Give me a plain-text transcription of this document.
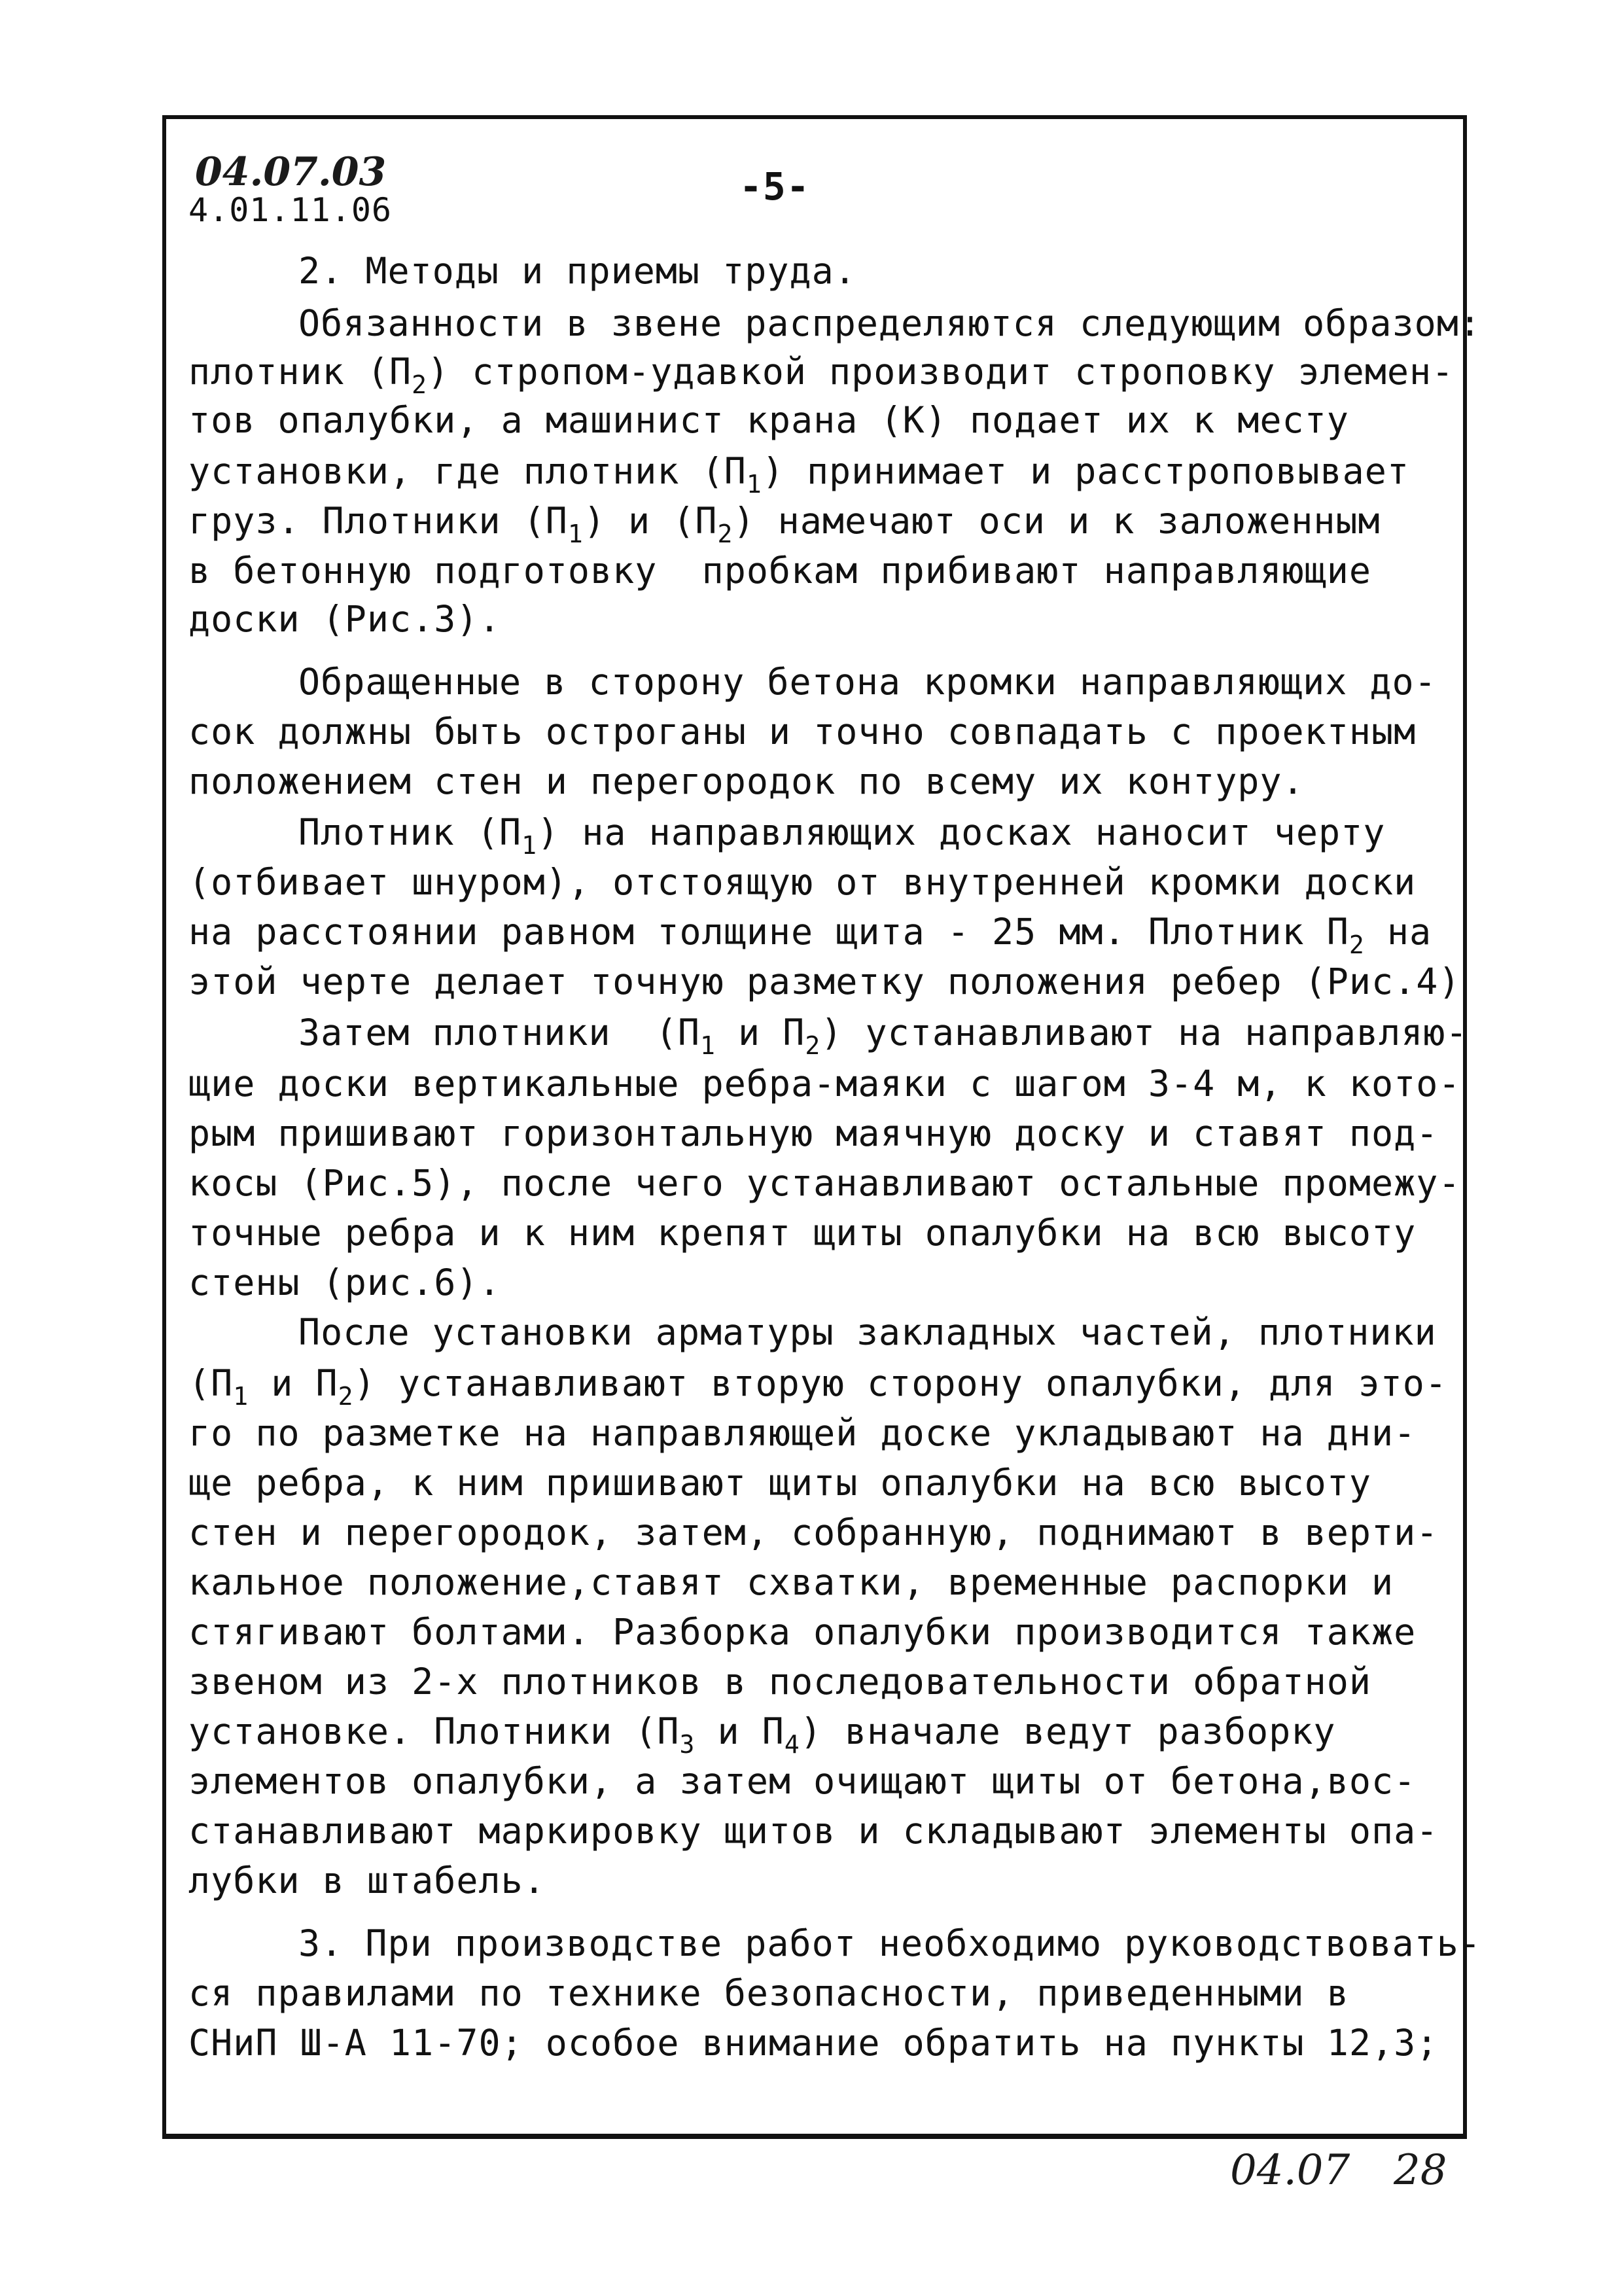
04.07.03
4.01.11.06
-5-
2. Методы и приемы труда.
Обязанности в звене распределяются следующим образом:
плотник $(П_2)$ стропом-удавкой производит строповку элемен-
тов опалубки, а машинист крана (К) подает их к месту
установки, где плотник $(П_1)$ принимает и расстроповывает
груз. Плотники $(П_1)$ и $(П_2)$ намечают оси и к заложенным
в бетонную подготовку  пробкам прибивают направляющие
доски (Рис.3).
Обращенные в сторону бетона кромки направляющих до-
сок должны быть остроганы и точно совпадать с проектным
положением стен и перегородок по всему их контуру.
Плотник $(П_1)$ на направляющих досках наносит черту
(отбивает шнуром), отстоящую от внутренней кромки доски
на расстоянии равном толщине щита - 25 мм. Плотник $П_2$ на
этой черте делает точную разметку положения ребер (Рис.4)
Затем плотники  ($П_1$ и $П_2$) устанавливают на направляю-
щие доски вертикальные ребра-маяки с шагом 3-4 м, к кото-
рым пришивают горизонтальную маячную доску и ставят под-
косы (Рис.5), после чего устанавливают остальные промежу-
точные ребра и к ним крепят щиты опалубки на всю высоту
стены (рис.6).
После установки арматуры закладных частей, плотники
($П_1$ и $П_2$) устанавливают вторую сторону опалубки, для это-
го по разметке на направляющей доске укладывают на дни-
ще ребра, к ним пришивают щиты опалубки на всю высоту
стен и перегородок, затем, собранную, поднимают в верти-
кальное положение,ставят схватки, временные распорки и
стягивают болтами. Разборка опалубки производится также
звеном из 2-х плотников в последовательности обратной
установке. Плотники ($П_3$ и $П_4$) вначале ведут разборку
элементов опалубки, а затем очищают щиты от бетона,вос-
станавливают маркировку щитов и складывают элементы опа-
лубки в штабель.
3. При производстве работ необходимо руководствовать-
ся правилами по технике безопасности, приведенными в
СНиП Ш-А 11-70; особое внимание обратить на пункты 12,3;
04.07 28
